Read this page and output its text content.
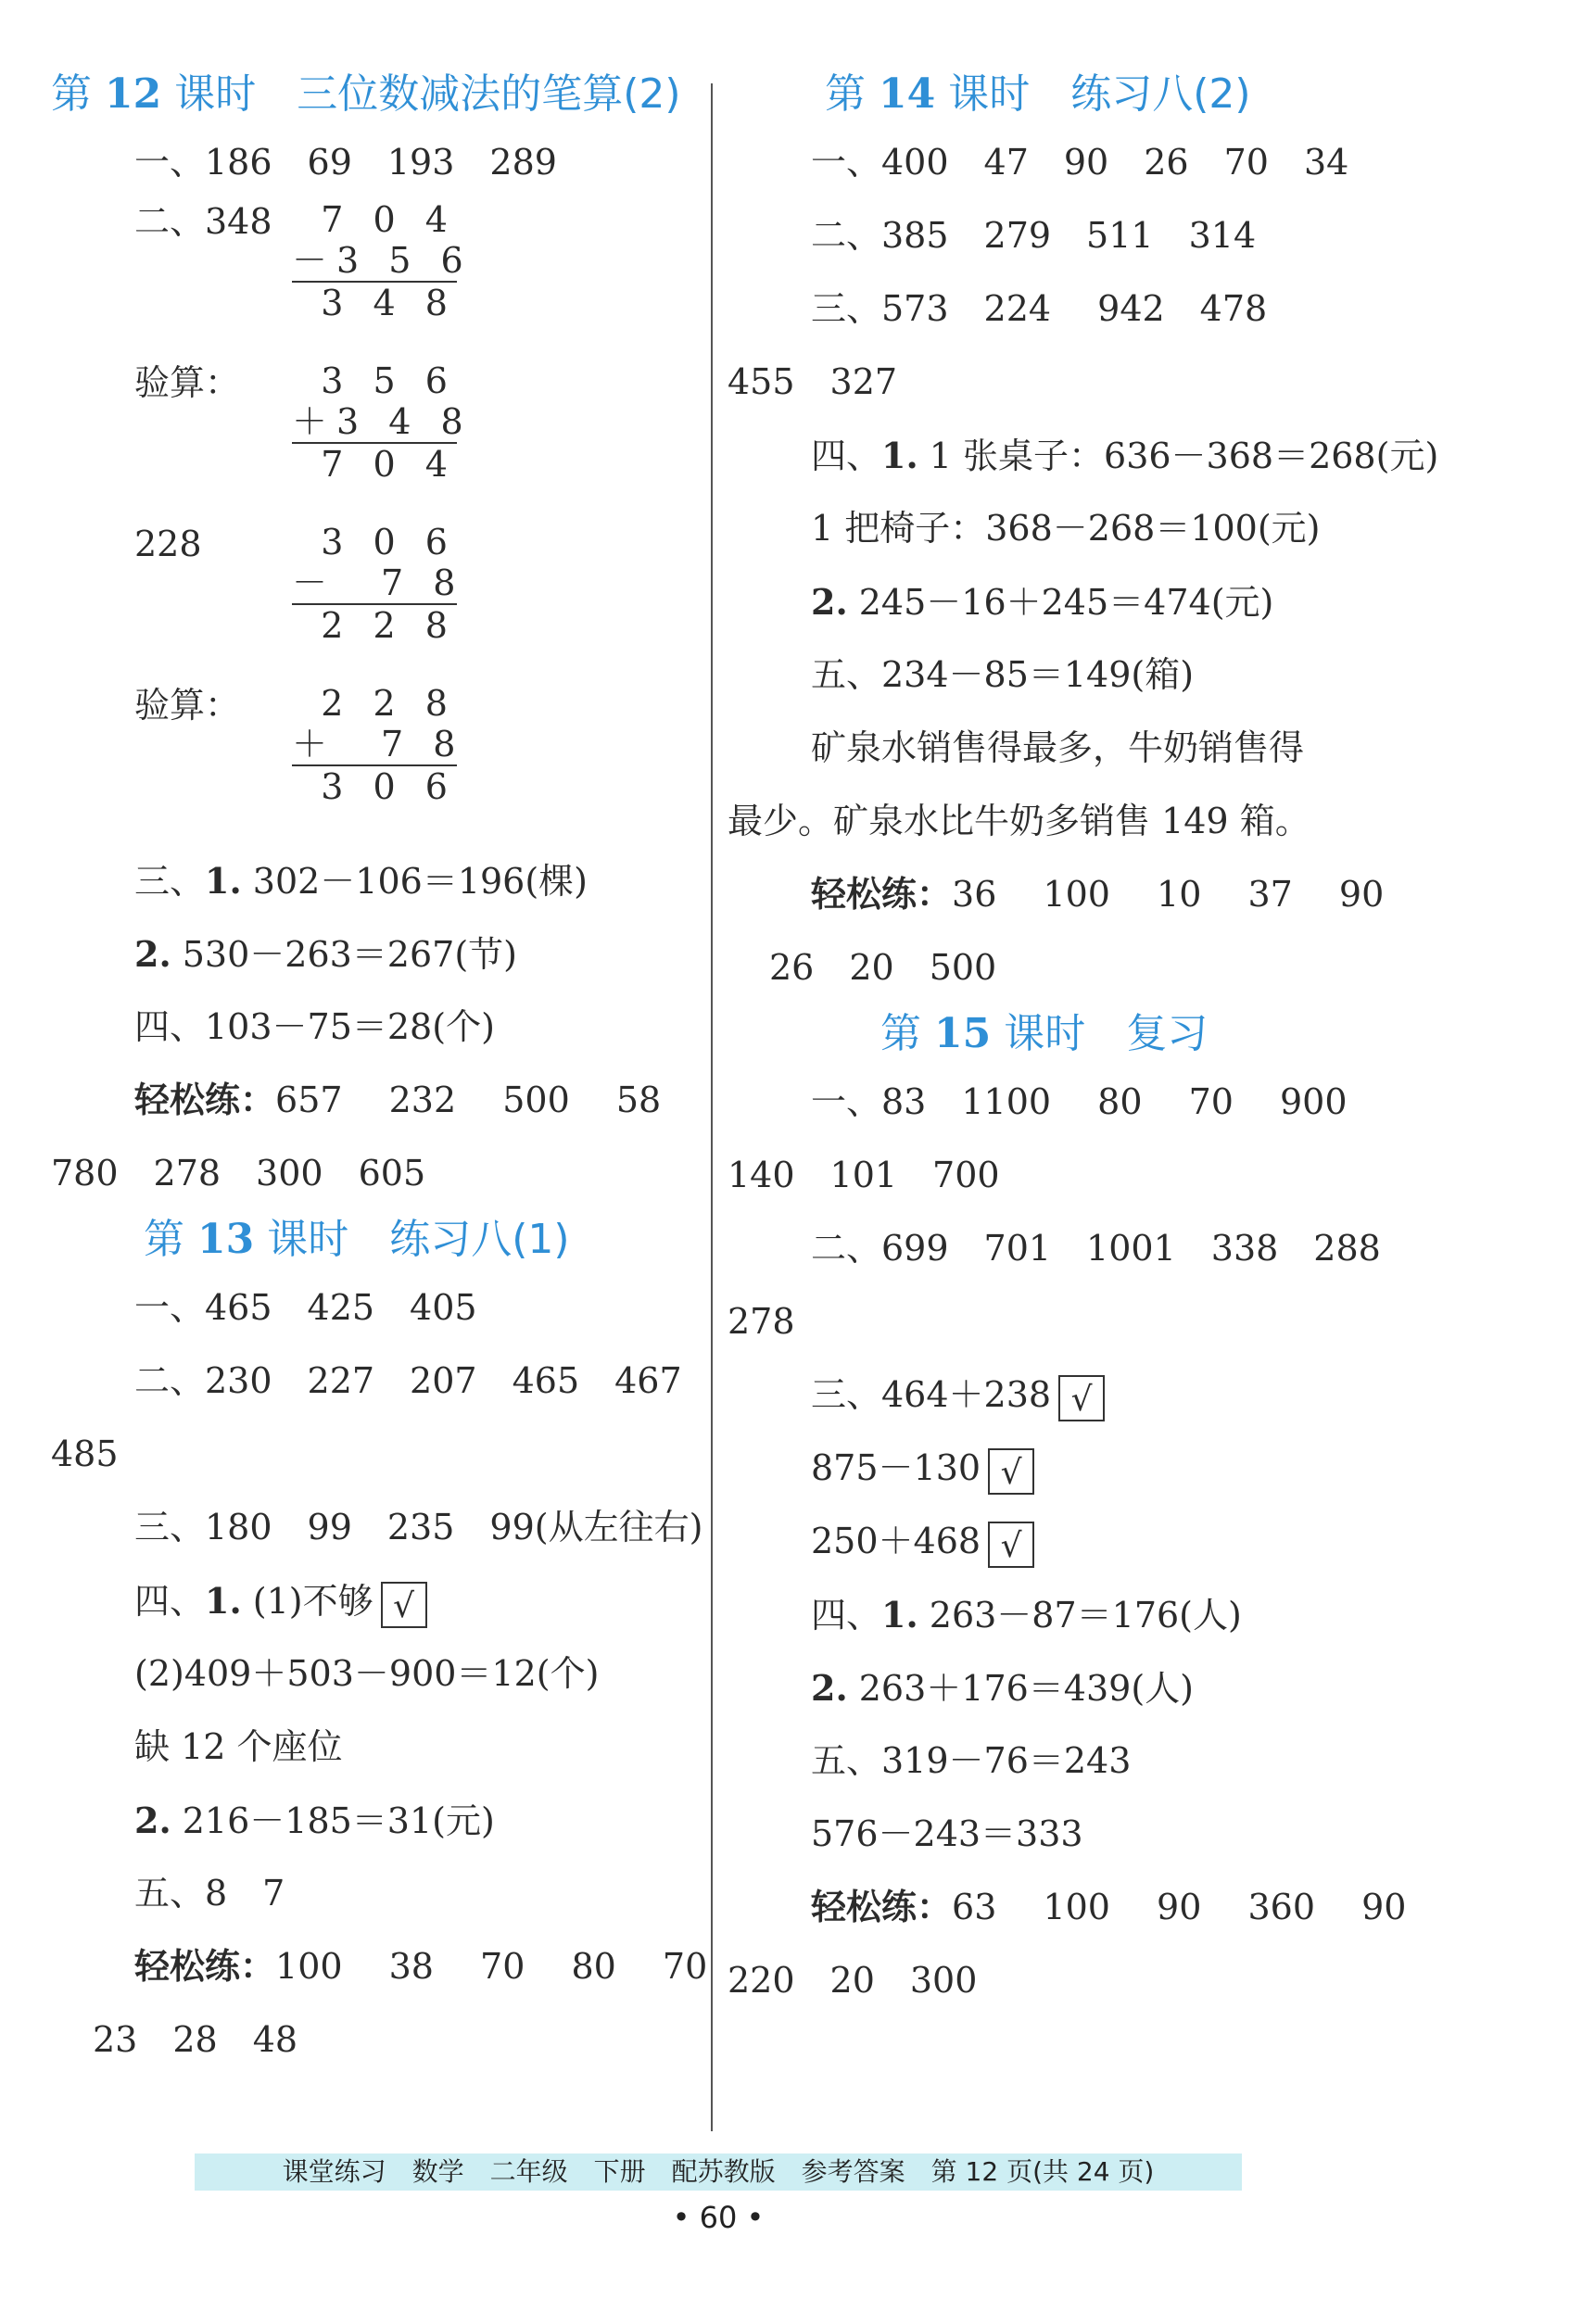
第 12 课时　三位数减法的笔算(2)
一、186　69　193　289
二、348	7 0 4
－3 5 6
3 4 8
验算：	3 5 6
＋3 4 8
7 0 4
228	3 0 6
－　7 8
2 2 8
验算：	2 2 8
＋　7 8
3 0 6
三、1. 302－106＝196(棵)
2. 530－263＝267(节)
四、103－75＝28(个)
轻松练：657　 232　 500　 58
780　278　300　605
第 13 课时　练习八(1)
一、465　425　405
二、230　227　207　465　467
485
三、180　99　235　99(从左往右)
四、1. (1)不够 √
(2)409＋503－900＝12(个)
缺 12 个座位
2. 216－185＝31(元)
五、8　7
轻松练：100　 38　 70　 80　 70
23　28　48
第 14 课时　练习八(2)
一、400　47　90　26　70　34
二、385　279　511　314
三、573　224　 942　478
455　327
四、1. 1 张桌子：636－368＝268(元)
1 把椅子：368－268＝100(元)
2. 245－16＋245＝474(元)
五、234－85＝149(箱)
矿泉水销售得最多，牛奶销售得
最少。矿泉水比牛奶多销售 149 箱。
轻松练：36　 100　 10　 37　 90
26　20　500
第 15 课时　复习
一、83　1100　 80　 70　 900
140　101　700
二、699　701　1001　338　288
278
三、464＋238 √
875－130 √
250＋468 √
四、1. 263－87＝176(人)
2. 263＋176＝439(人)
五、319－76＝243
576－243＝333
轻松练：63　 100　 90　 360　 90
220　20　300
课堂练习　数学　二年级　下册　配苏教版　参考答案　第 12 页(共 24 页)
• 60 •
